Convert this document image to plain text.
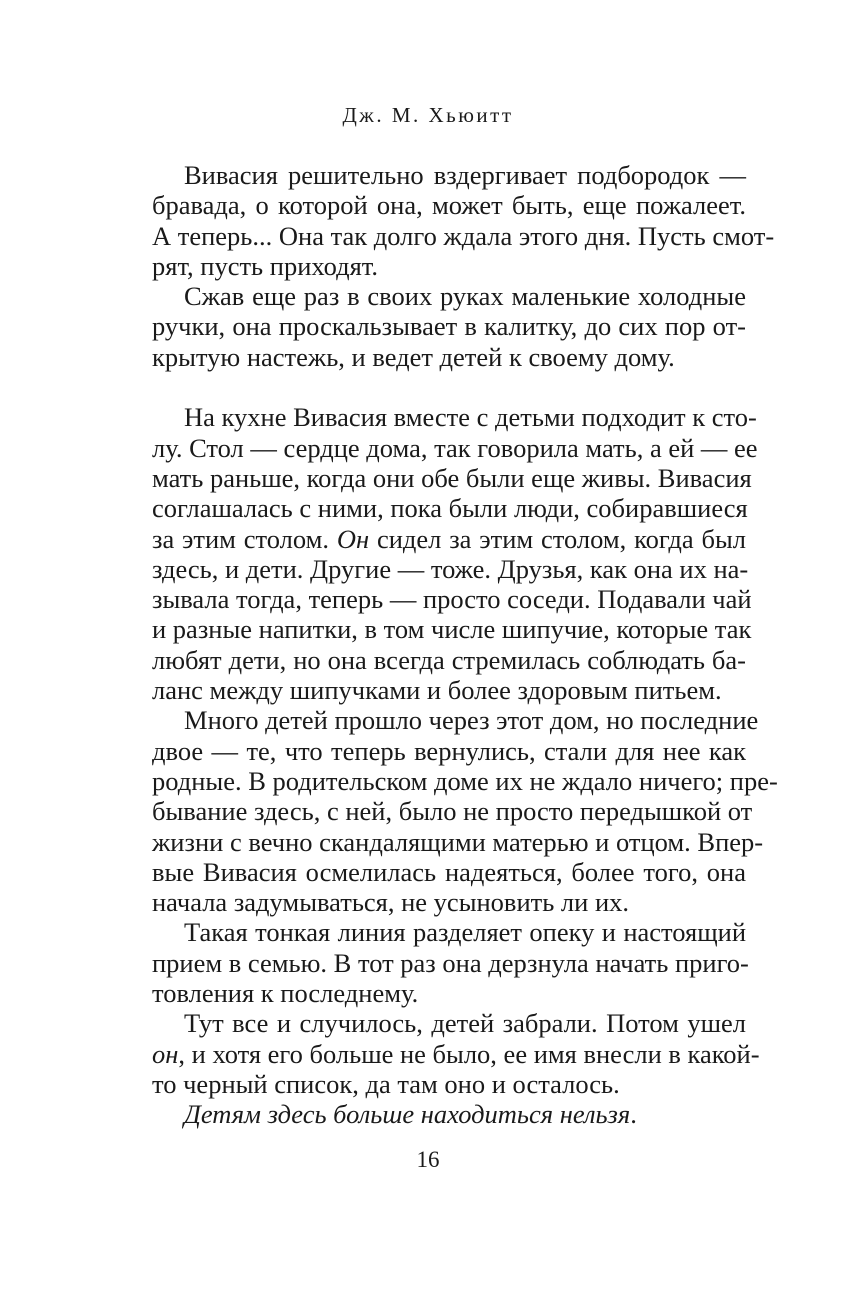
Дж. М. Хьюитт
Вивасия решительно вздергивает подбородок —
бравада, о которой она, может быть, еще пожалеет.
А теперь... Она так долго ждала этого дня. Пусть смот-
рят, пусть приходят.
Сжав еще раз в своих руках маленькие холодные
ручки, она проскальзывает в калитку, до сих пор от-
крытую настежь, и ведет детей к своему дому.
На кухне Вивасия вместе с детьми подходит к сто-
лу. Стол — сердце дома, так говорила мать, а ей — ее
мать раньше, когда они обе были еще живы. Вивасия
соглашалась с ними, пока были люди, собиравшиеся
за этим столом. Он сидел за этим столом, когда был
здесь, и дети. Другие — тоже. Друзья, как она их на-
зывала тогда, теперь — просто соседи. Подавали чай
и разные напитки, в том числе шипучие, которые так
любят дети, но она всегда стремилась соблюдать ба-
ланс между шипучками и более здоровым питьем.
Много детей прошло через этот дом, но последние
двое — те, что теперь вернулись, стали для нее как
родные. В родительском доме их не ждало ничего; пре-
бывание здесь, с ней, было не просто передышкой от
жизни с вечно скандалящими матерью и отцом. Впер-
вые Вивасия осмелилась надеяться, более того, она
начала задумываться, не усыновить ли их.
Такая тонкая линия разделяет опеку и настоящий
прием в семью. В тот раз она дерзнула начать приго-
товления к последнему.
Тут все и случилось, детей забрали. Потом ушел
он, и хотя его больше не было, ее имя внесли в какой-
то черный список, да там оно и осталось.
Детям здесь больше находиться нельзя.
16
